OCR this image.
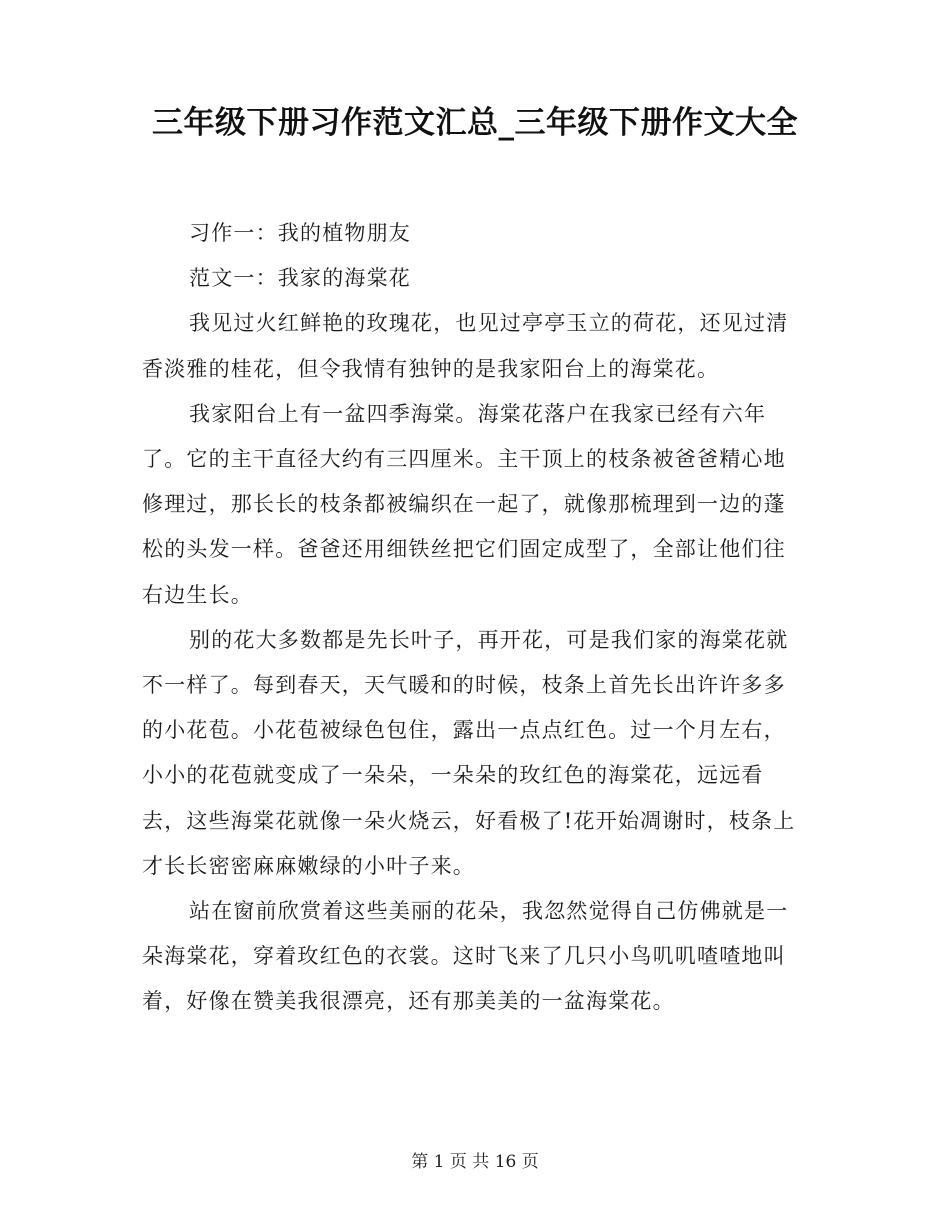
三年级下册习作范文汇总_三年级下册作文大全

习作一：我的植物朋友

范文一：我家的海棠花

我见过火红鲜艳的玫瑰花，也见过亭亭玉立的荷花，还见过清香淡雅的桂花，但令我情有独钟的是我家阳台上的海棠花。

我家阳台上有一盆四季海棠。海棠花落户在我家已经有六年了。它的主干直径大约有三四厘米。主干顶上的枝条被爸爸精心地修理过，那长长的枝条都被编织在一起了，就像那梳理到一边的蓬松的头发一样。爸爸还用细铁丝把它们固定成型了，全部让他们往右边生长。

别的花大多数都是先长叶子，再开花，可是我们家的海棠花就不一样了。每到春天，天气暖和的时候，枝条上首先长出许许多多的小花苞。小花苞被绿色包住，露出一点点红色。过一个月左右，小小的花苞就变成了一朵朵，一朵朵的玫红色的海棠花，远远看去，这些海棠花就像一朵火烧云，好看极了!花开始凋谢时，枝条上才长长密密麻麻嫩绿的小叶子来。

站在窗前欣赏着这些美丽的花朵，我忽然觉得自己仿佛就是一朵海棠花，穿着玫红色的衣裳。这时飞来了几只小鸟叽叽喳喳地叫着，好像在赞美我很漂亮，还有那美美的一盆海棠花。

第 1 页 共 16 页
